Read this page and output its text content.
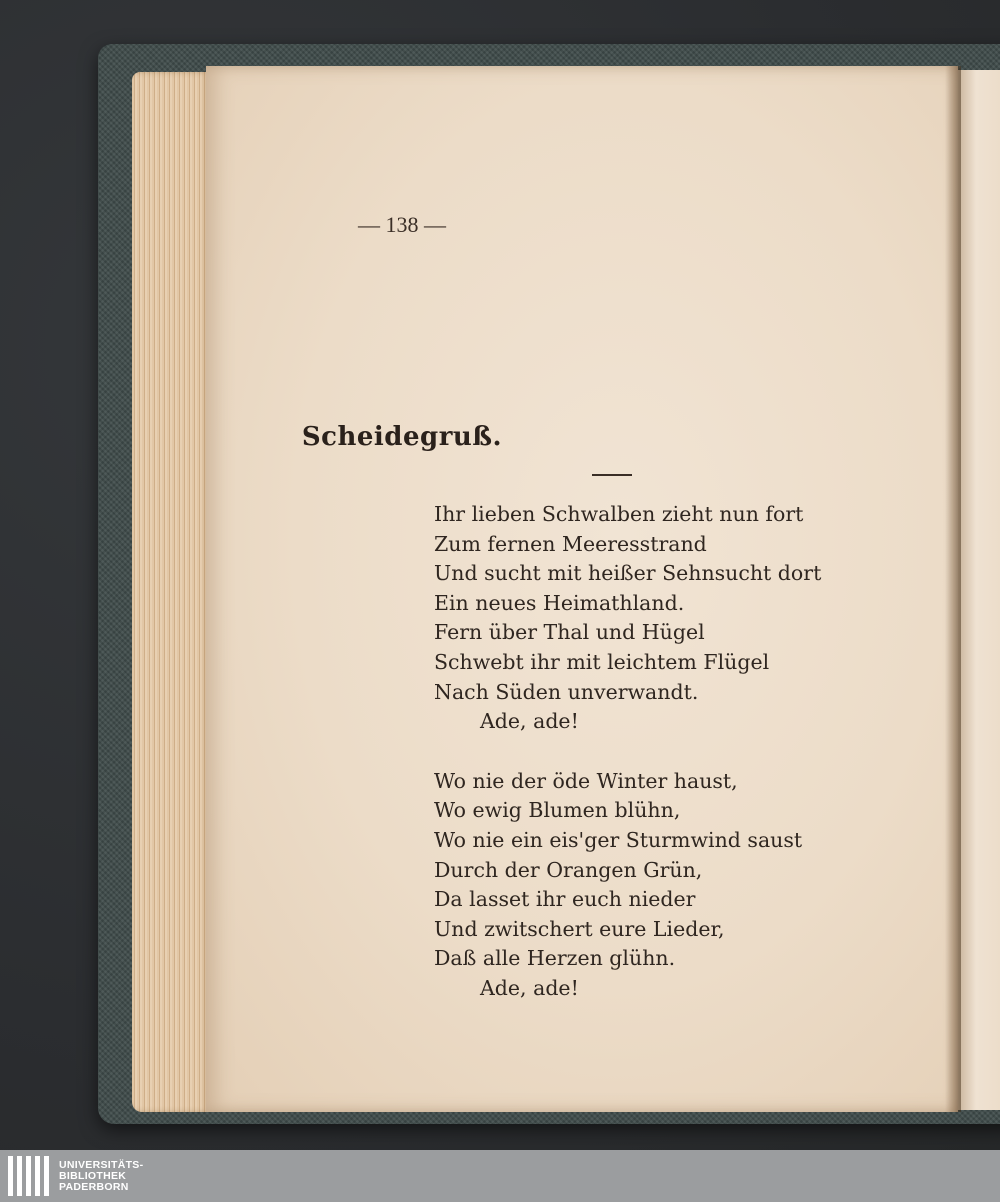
— 138 —
Scheidegruß.
Ihr lieben Schwalben zieht nun fort
Zum fernen Meeresstrand
Und sucht mit heißer Sehnsucht dort
Ein neues Heimathland.
Fern über Thal und Hügel
Schwebt ihr mit leichtem Flügel
Nach Süden unverwandt.
Ade, ade!
Wo nie der öde Winter haust,
Wo ewig Blumen blühn,
Wo nie ein eis'ger Sturmwind saust
Durch der Orangen Grün,
Da lasset ihr euch nieder
Und zwitschert eure Lieder,
Daß alle Herzen glühn.
Ade, ade!
UNIVERSITÄTS-
BIBLIOTHEK
PADERBORN
